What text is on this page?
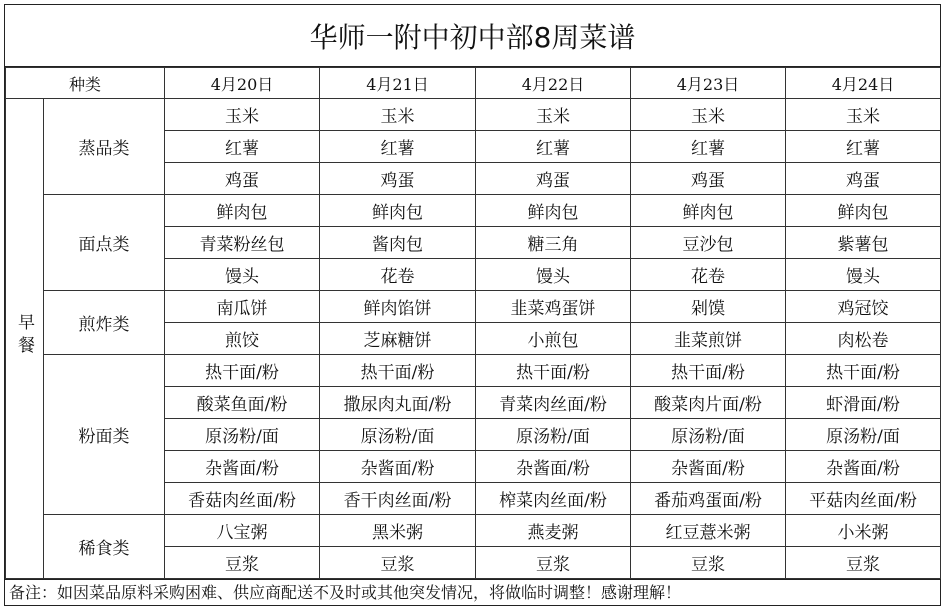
华师一附中初中部8周菜谱
种类		4月20日	4月21日	4月22日	4月23日	4月24日
早餐	蒸品类	玉米	玉米	玉米	玉米	玉米
		红薯	红薯	红薯	红薯	红薯
		鸡蛋	鸡蛋	鸡蛋	鸡蛋	鸡蛋
	面点类	鲜肉包	鲜肉包	鲜肉包	鲜肉包	鲜肉包
		青菜粉丝包	酱肉包	糖三角	豆沙包	紫薯包
		馒头	花卷	馒头	花卷	馒头
	煎炸类	南瓜饼	鲜肉馅饼	韭菜鸡蛋饼	剁馍	鸡冠饺
		煎饺	芝麻糖饼	小煎包	韭菜煎饼	肉松卷
	粉面类	热干面/粉	热干面/粉	热干面/粉	热干面/粉	热干面/粉
		酸菜鱼面/粉	撒尿肉丸面/粉	青菜肉丝面/粉	酸菜肉片面/粉	虾滑面/粉
		原汤粉/面	原汤粉/面	原汤粉/面	原汤粉/面	原汤粉/面
		杂酱面/粉	杂酱面/粉	杂酱面/粉	杂酱面/粉	杂酱面/粉
		香菇肉丝面/粉	香干肉丝面/粉	榨菜肉丝面/粉	番茄鸡蛋面/粉	平菇肉丝面/粉
	稀食类	八宝粥	黑米粥	燕麦粥	红豆薏米粥	小米粥
		豆浆	豆浆	豆浆	豆浆	豆浆
备注：如因菜品原料采购困难、供应商配送不及时或其他突发情况，将做临时调整！感谢理解！
